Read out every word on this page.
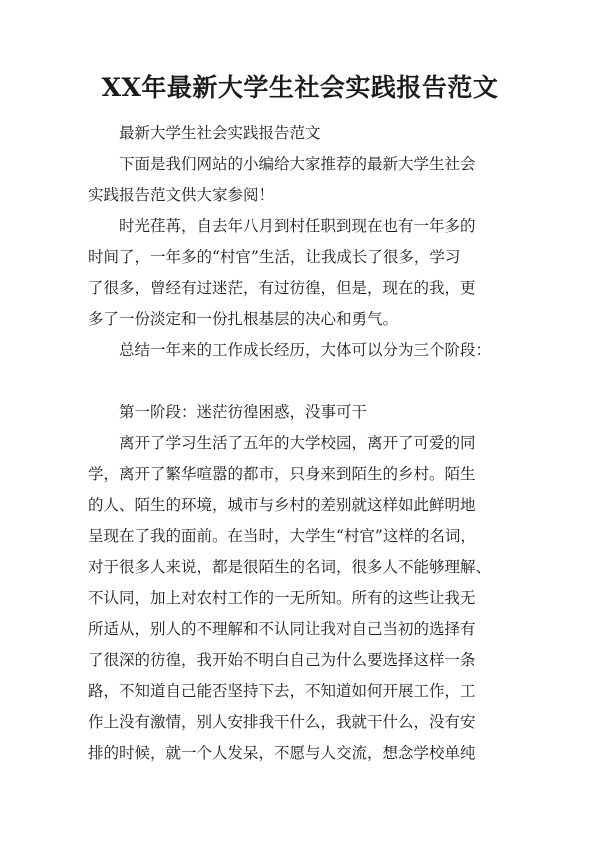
XX年最新大学生社会实践报告范文

最新大学生社会实践报告范文

下面是我们网站的小编给大家推荐的最新大学生社会
实践报告范文供大家参阅！

时光荏苒，自去年八月到村任职到现在也有一年多的
时间了，一年多的“村官”生活，让我成长了很多，学习
了很多，曾经有过迷茫，有过彷徨，但是，现在的我，更
多了一份淡定和一份扎根基层的决心和勇气。

总结一年来的工作成长经历，大体可以分为三个阶段：

第一阶段：迷茫彷徨困惑，没事可干

离开了学习生活了五年的大学校园，离开了可爱的同
学，离开了繁华喧嚣的都市，只身来到陌生的乡村。陌生
的人、陌生的环境，城市与乡村的差别就这样如此鲜明地
呈现在了我的面前。在当时，大学生“村官”这样的名词，
对于很多人来说，都是很陌生的名词，很多人不能够理解、
不认同，加上对农村工作的一无所知。所有的这些让我无
所适从，别人的不理解和不认同让我对自己当初的选择有
了很深的彷徨，我开始不明白自己为什么要选择这样一条
路，不知道自己能否坚持下去，不知道如何开展工作，工
作上没有激情，别人安排我干什么，我就干什么，没有安
排的时候，就一个人发呆，不愿与人交流，想念学校单纯
